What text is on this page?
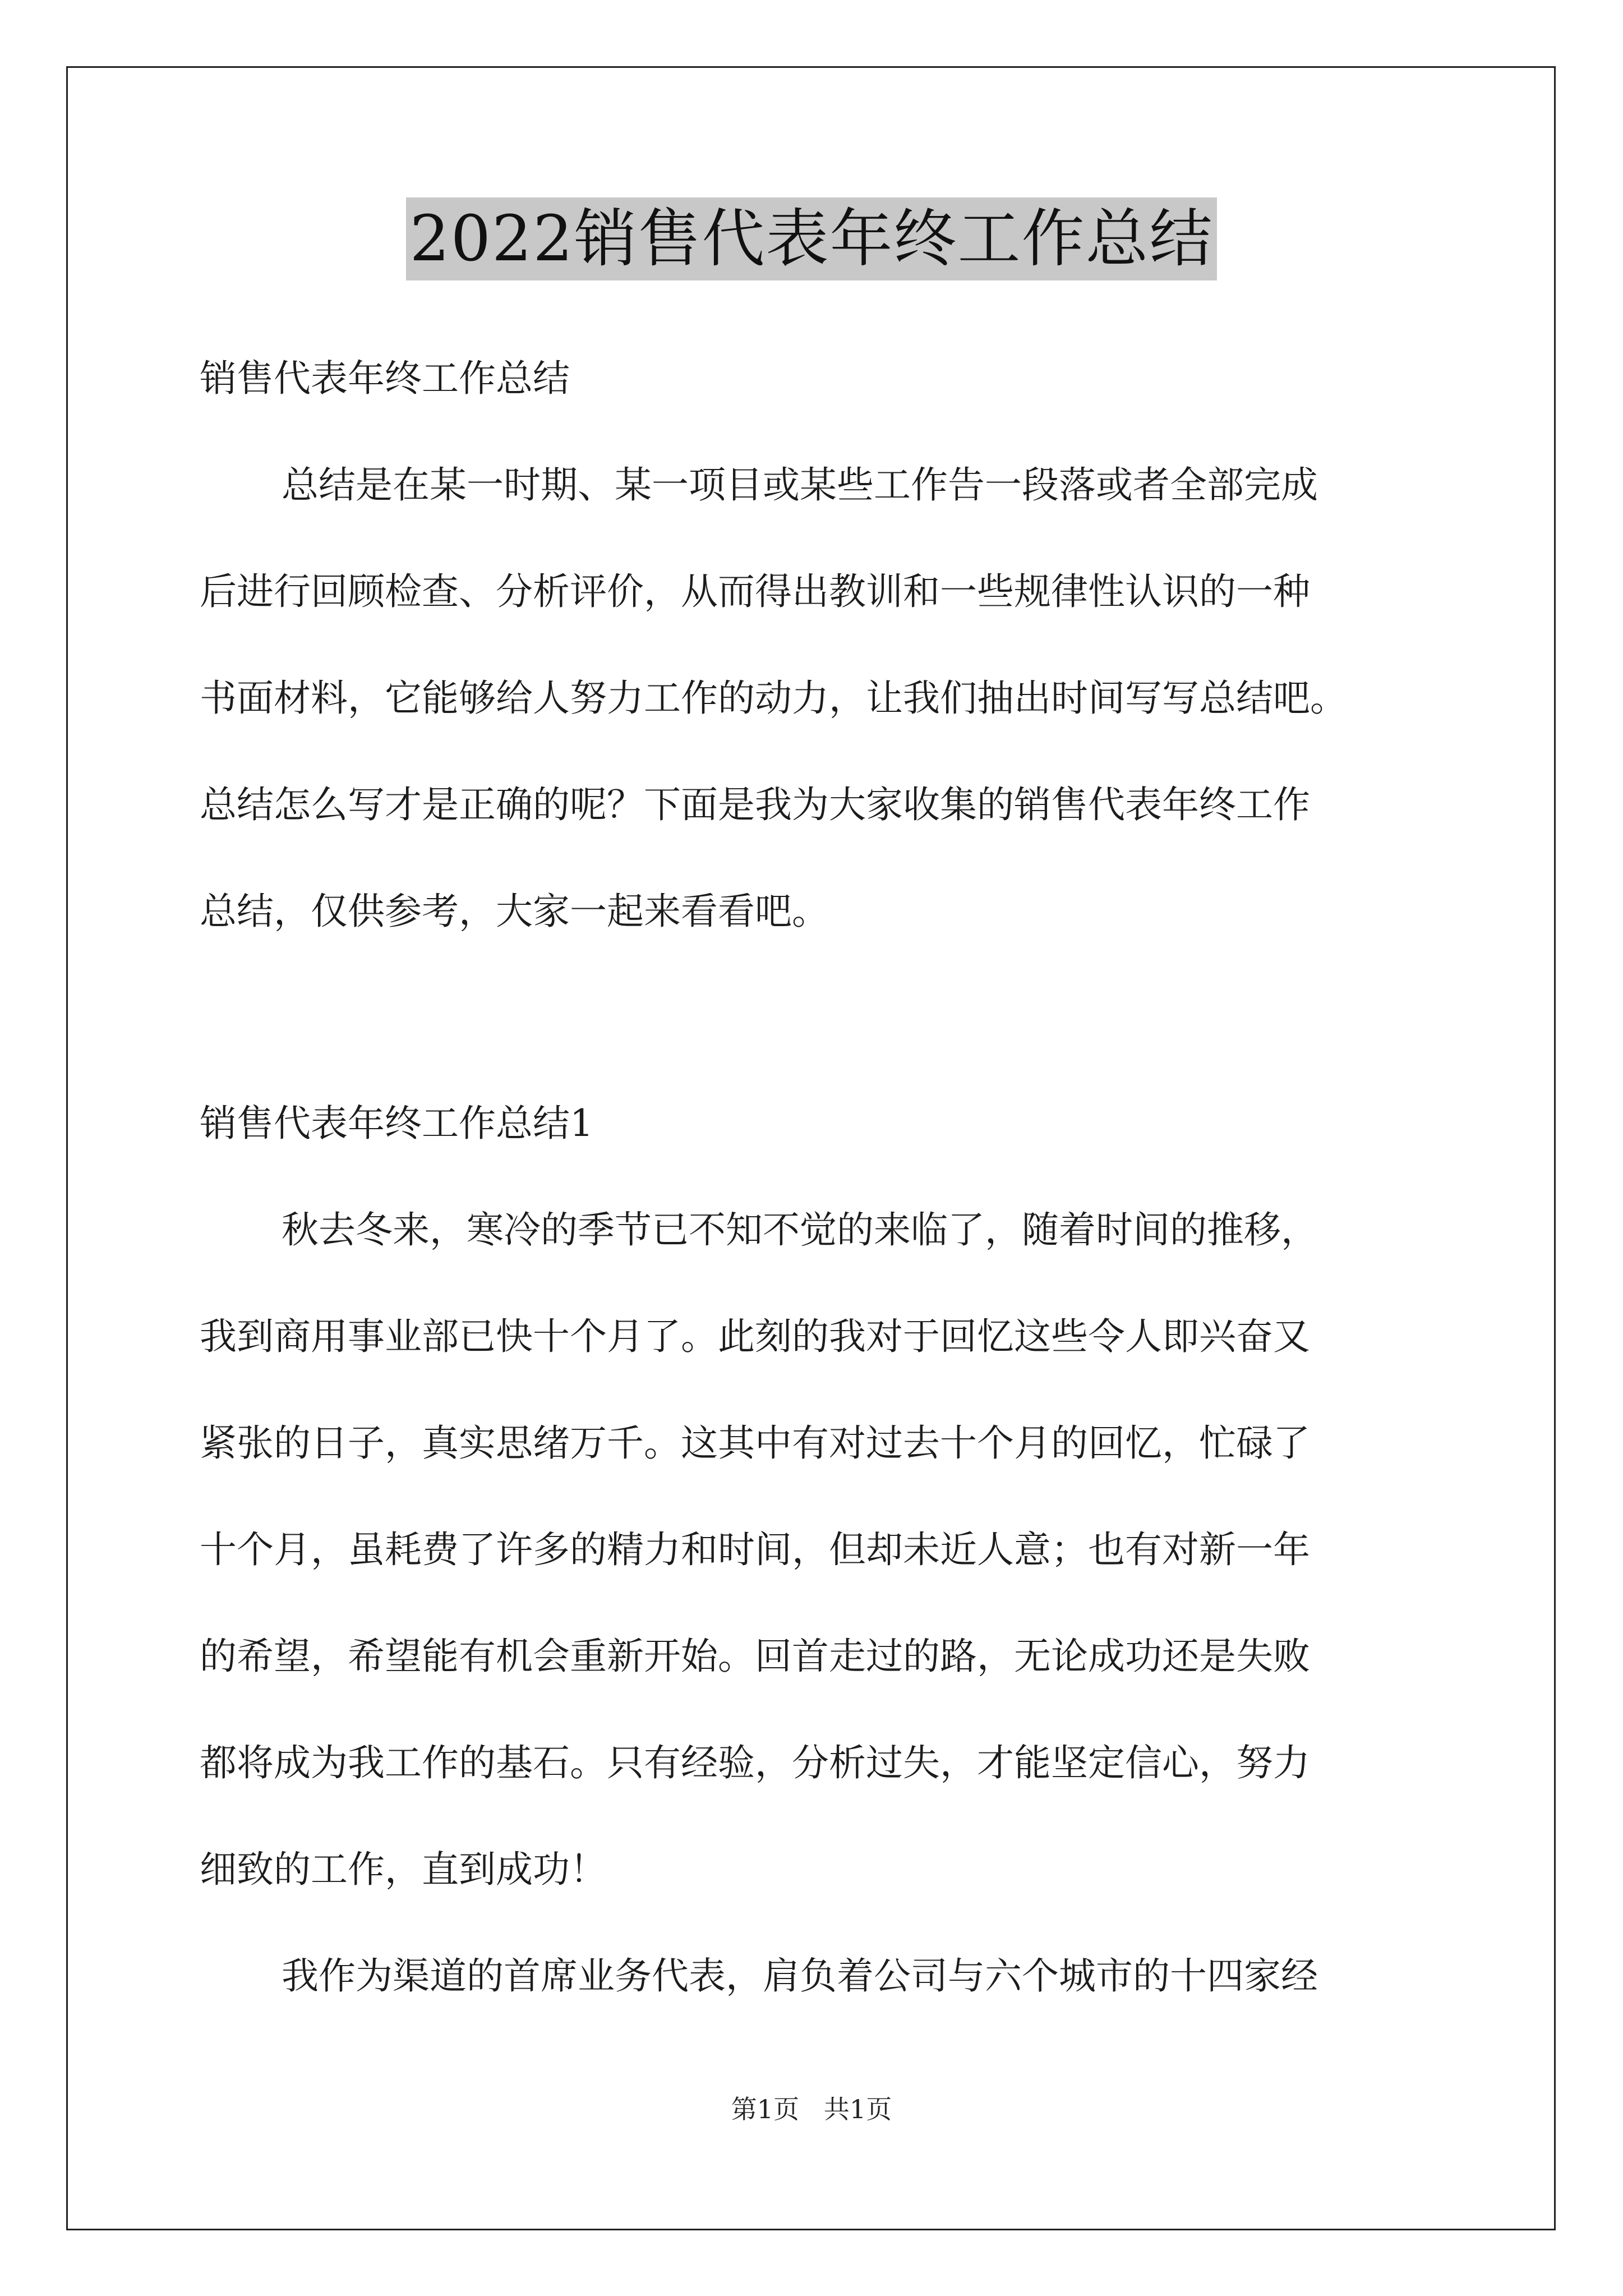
2022销售代表年终工作总结
销售代表年终工作总结
总结是在某一时期、某一项目或某些工作告一段落或者全部完成
后进行回顾检查、分析评价，从而得出教训和一些规律性认识的一种
书面材料，它能够给人努力工作的动力，让我们抽出时间写写总结吧。
总结怎么写才是正确的呢？下面是我为大家收集的销售代表年终工作
总结，仅供参考，大家一起来看看吧。
销售代表年终工作总结1
秋去冬来，寒冷的季节已不知不觉的来临了，随着时间的推移，
我到商用事业部已快十个月了。此刻的我对于回忆这些令人即兴奋又
紧张的日子，真实思绪万千。这其中有对过去十个月的回忆，忙碌了
十个月，虽耗费了许多的精力和时间，但却未近人意；也有对新一年
的希望，希望能有机会重新开始。回首走过的路，无论成功还是失败
都将成为我工作的基石。只有经验，分析过失，才能坚定信心，努力
细致的工作，直到成功！
我作为渠道的首席业务代表，肩负着公司与六个城市的十四家经
第1页   共1页
